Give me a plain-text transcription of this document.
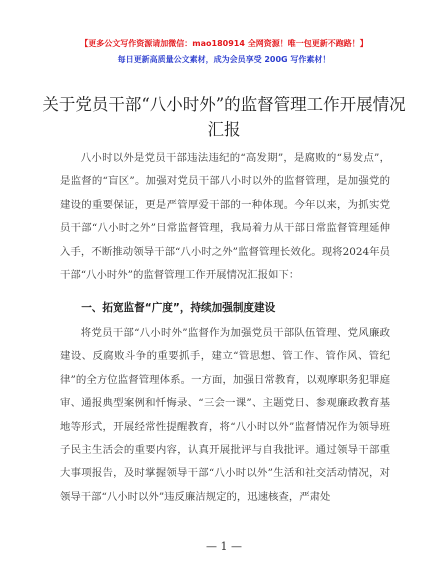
【更多公文写作资源请加微信：mao180914 全网资源！唯一包更新不跑路！】
每日更新高质量公文素材，成为会员享受 200G 写作素材！
关于党员干部“八小时外”的监督管理工作开展情况汇报
八小时以外是党员干部违法违纪的“高发期”，是腐败的“易发点”，是监督的“盲区”。加强对党员干部八小时以外的监督管理，是加强党的建设的重要保证，更是严管厚爱干部的一种体现。今年以来，为抓实党员干部“八小时之外”日常监督管理，我局着力从干部日常监督管理延伸入手，不断推动领导干部“八小时之外”监督管理长效化。现将2024年员干部“八小时外”的监督管理工作开展情况汇报如下：
一、拓宽监督“广度”，持续加强制度建设
将党员干部“八小时外”监督作为加强党员干部队伍管理、党风廉政建设、反腐败斗争的重要抓手，建立“管思想、管工作、管作风、管纪律”的全方位监督管理体系。一方面，加强日常教育，以观摩职务犯罪庭审、通报典型案例和忏悔录、“三会一课”、主题党日、参观廉政教育基地等形式，开展经常性提醒教育，将“八小时以外”监督情况作为领导班子民主生活会的重要内容，认真开展批评与自我批评。通过领导干部重大事项报告，及时掌握领导干部“八小时以外”生活和社交活动情况，对领导干部“八小时以外”违反廉洁规定的，迅速核查，严肃处
— 1 —
